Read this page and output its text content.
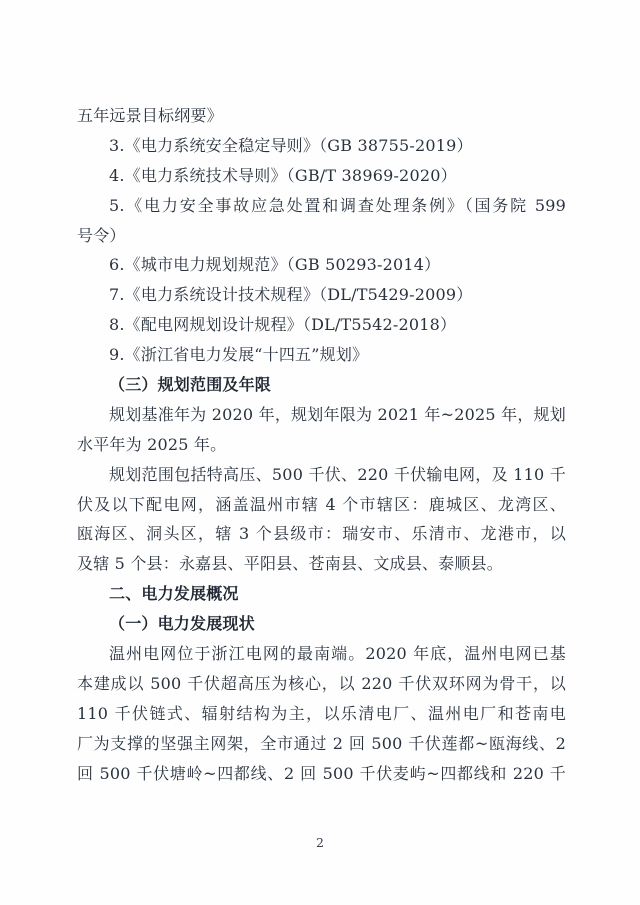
五年远景目标纲要》
3.《电力系统安全稳定导则》（GB 38755-2019）
4.《电力系统技术导则》（GB/T 38969-2020）
5.《电力安全事故应急处置和调查处理条例》（国务院 599
号令）
6.《城市电力规划规范》（GB 50293-2014）
7.《电力系统设计技术规程》（DL/T5429-2009）
8.《配电网规划设计规程》（DL/T5542-2018）
9.《浙江省电力发展“十四五”规划》
（三）规划范围及年限
规划基准年为 2020 年，规划年限为 2021 年~2025 年，规划
水平年为 2025 年。
规划范围包括特高压、500 千伏、220 千伏输电网，及 110 千
伏及以下配电网，涵盖温州市辖 4 个市辖区：鹿城区、龙湾区、
瓯海区、洞头区，辖 3 个县级市：瑞安市、乐清市、龙港市，以
及辖 5 个县：永嘉县、平阳县、苍南县、文成县、泰顺县。
二、电力发展概况
（一）电力发展现状
温州电网位于浙江电网的最南端。2020 年底，温州电网已基
本建成以 500 千伏超高压为核心，以 220 千伏双环网为骨干，以
110 千伏链式、辐射结构为主，以乐清电厂、温州电厂和苍南电
厂为支撑的坚强主网架，全市通过 2 回 500 千伏莲都~瓯海线、2
回 500 千伏塘岭~四都线、2 回 500 千伏麦屿~四都线和 220 千
2
